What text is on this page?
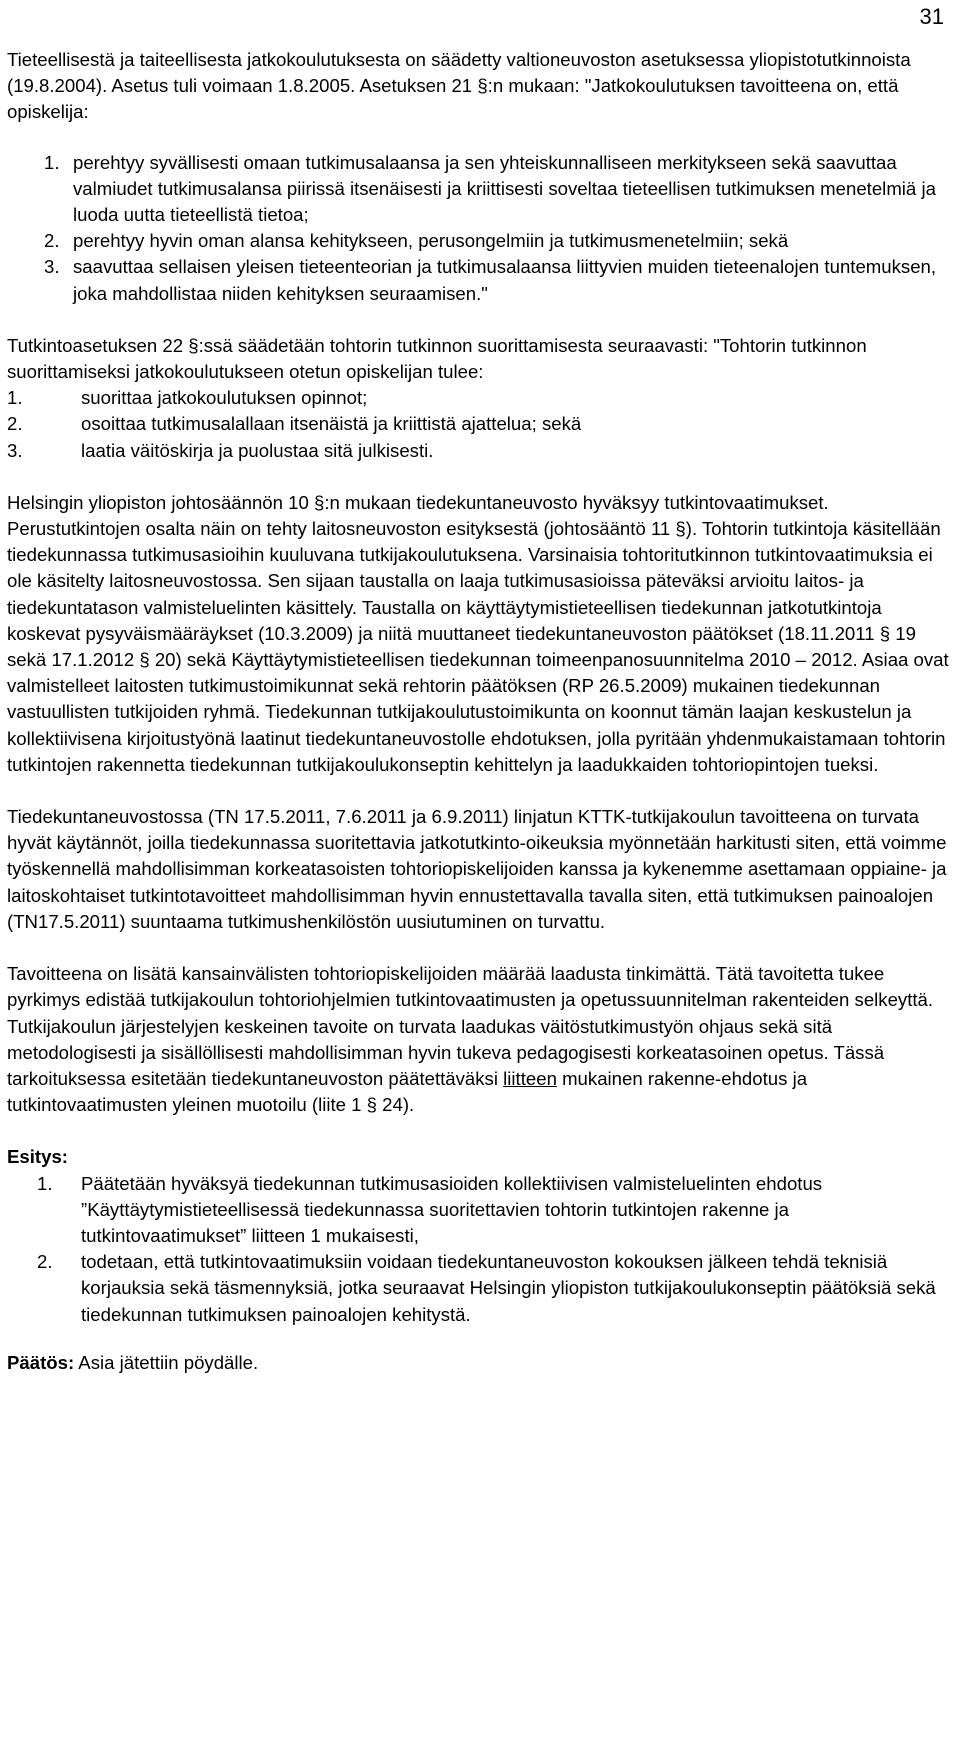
31

Tieteellisestä ja taiteellisesta jatkokoulutuksesta on säädetty valtioneuvoston asetuksessa yliopistotutkinnoista (19.8.2004). Asetus tuli voimaan 1.8.2005. Asetuksen 21 §:n mukaan: "Jatkokoulutuksen tavoitteena on, että opiskelija:

1. perehtyy syvällisesti omaan tutkimusalaansa ja sen yhteiskunnalliseen merkitykseen sekä saavuttaa valmiudet tutkimusalansa piirissä itsenäisesti ja kriittisesti soveltaa tieteellisen tutkimuksen menetelmiä ja luoda uutta tieteellistä tietoa;
2. perehtyy hyvin oman alansa kehitykseen, perusongelmiin ja tutkimusmenetelmiin; sekä
3. saavuttaa sellaisen yleisen tieteenteorian ja tutkimusalaansa liittyvien muiden tieteenalojen tuntemuksen, joka mahdollistaa niiden kehityksen seuraamisen."

Tutkintoasetuksen 22 §:ssä säädetään tohtorin tutkinnon suorittamisesta seuraavasti: "Tohtorin tutkinnon suorittamiseksi jatkokoulutukseen otetun opiskelijan tulee:

1.	suorittaa jatkokoulutuksen opinnot;
2.	osoittaa tutkimusalallaan itsenäistä ja kriittistä ajattelua; sekä
3.	laatia väitöskirja ja puolustaa sitä julkisesti.

Helsingin yliopiston johtosäännön 10 §:n mukaan tiedekuntaneuvosto hyväksyy tutkintovaatimukset. Perustutkintojen osalta näin on tehty laitosneuvoston esityksestä (johtosääntö 11 §). Tohtorin tutkintoja käsitellään tiedekunnassa tutkimusasioihin kuuluvana tutkijakoulutuksena. Varsinaisia tohtoritutkinnon tutkintovaatimuksia ei ole käsitelty laitosneuvostossa. Sen sijaan taustalla on laaja tutkimusasioissa päteväksi arvioitu laitos- ja tiedekuntatason valmisteluelinten käsittely. Taustalla on käyttäytymistieteellisen tiedekunnan jatkotutkintoja koskevat pysyväismääräykset (10.3.2009) ja niitä muuttaneet tiedekuntaneuvoston päätökset (18.11.2011 § 19 sekä 17.1.2012 § 20) sekä Käyttäytymistieteellisen tiedekunnan toimeenpanosuunnitelma 2010 – 2012. Asiaa ovat valmistelleet laitosten tutkimustoimikunnat sekä rehtorin päätöksen (RP 26.5.2009) mukainen tiedekunnan vastuullisten tutkijoiden ryhmä. Tiedekunnan tutkijakoulutustoimikunta on koonnut tämän laajan keskustelun ja kollektiivisena kirjoitustyönä laatinut tiedekuntaneuvostolle ehdotuksen, jolla pyritään yhdenmukaistamaan tohtorin tutkintojen rakennetta tiedekunnan tutkijakoulukonseptin kehittelyn ja laadukkaiden tohtoriopintojen tueksi.

Tiedekuntaneuvostossa (TN 17.5.2011, 7.6.2011 ja 6.9.2011) linjatun KTTK-tutkijakoulun tavoitteena on turvata hyvät käytännöt, joilla tiedekunnassa suoritettavia jatkotutkinto-oikeuksia myönnetään harkitusti siten, että voimme työskennellä mahdollisimman korkeatasoisten tohtoriopiskelijoiden kanssa ja kykenemme asettamaan oppiaine- ja laitoskohtaiset tutkintotavoitteet mahdollisimman hyvin ennustettavalla tavalla siten, että tutkimuksen painoalojen (TN17.5.2011) suuntaama tutkimushenkilöstön uusiutuminen on turvattu.

Tavoitteena on lisätä kansainvälisten tohtoriopiskelijoiden määrää laadusta tinkimättä. Tätä tavoitetta tukee pyrkimys edistää tutkijakoulun tohtoriohjelmien tutkintovaatimusten ja opetussuunnitelman rakenteiden selkeyttä. Tutkijakoulun järjestelyjen keskeinen tavoite on turvata laadukas väitöstutkimustyön ohjaus sekä sitä metodologisesti ja sisällöllisesti mahdollisimman hyvin tukeva pedagogisesti korkeatasoinen opetus. Tässä tarkoituksessa esitetään tiedekuntaneuvoston päätettäväksi liitteen mukainen rakenne-ehdotus ja tutkintovaatimusten yleinen muotoilu (liite 1 § 24).

Esitys:

1. Päätetään hyväksyä tiedekunnan tutkimusasioiden kollektiivisen valmisteluelinten ehdotus ”Käyttäytymistieteellisessä tiedekunnassa suoritettavien tohtorin tutkintojen rakenne ja tutkintovaatimukset” liitteen 1 mukaisesti,
2. todetaan, että tutkintovaatimuksiin voidaan tiedekuntaneuvoston kokouksen jälkeen tehdä teknisiä korjauksia sekä täsmennyksiä, jotka seuraavat Helsingin yliopiston tutkijakoulukonseptin päätöksiä sekä tiedekunnan tutkimuksen painoalojen kehitystä.

Päätös: Asia jätettiin pöydälle.
